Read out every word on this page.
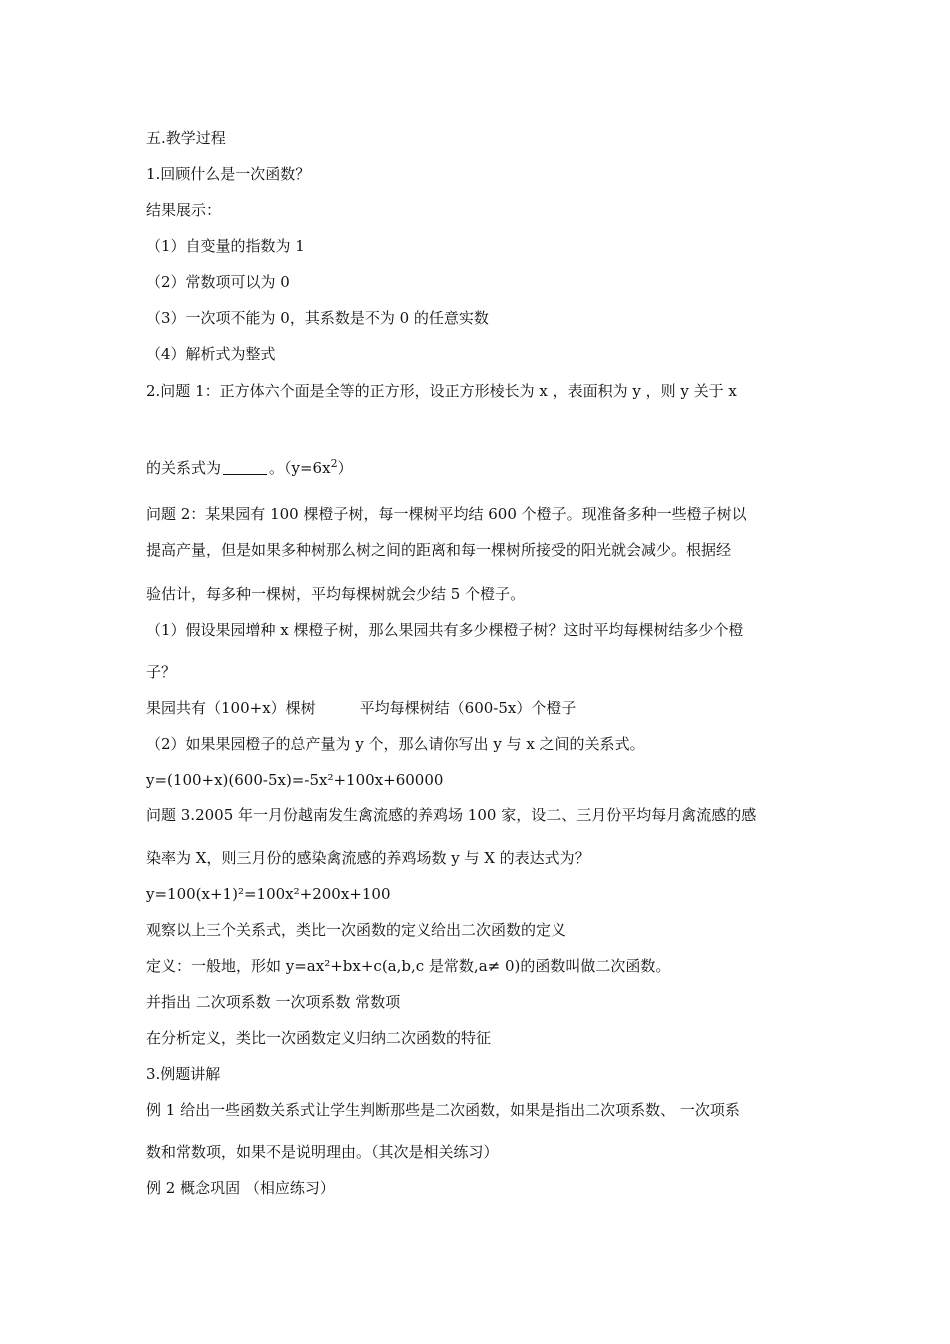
五.教学过程
1.回顾什么是一次函数？
结果展示：
（1）自变量的指数为 1
（2）常数项可以为 0
（3）一次项不能为 0，其系数是不为 0 的任意实数
（4）解析式为整式
2.问题 1：正方体六个面是全等的正方形，设正方形棱长为 x ，表面积为 y ，则 y 关于 x
的关系式为	。$(y=6x^2)$
问题 2：某果园有 100 棵橙子树，每一棵树平均结 600 个橙子。现准备多种一些橙子树以
提高产量，但是如果多种树那么树之间的距离和每一棵树所接受的阳光就会减少。根据经
验估计，每多种一棵树，平均每棵树就会少结 5 个橙子。
（1）假设果园增种 x 棵橙子树，那么果园共有多少棵橙子树？这时平均每棵树结多少个橙
子？
果园共有（100+x）棵树	平均每棵树结（600-5x）个橙子
（2）如果果园橙子的总产量为 y 个，那么请你写出 y 与 x 之间的关系式。
y=(100+x)(600-5x)=-5x²+100x+60000
问题 3.2005 年一月份越南发生禽流感的养鸡场 100 家，设二、三月份平均每月禽流感的感
染率为 X，则三月份的感染禽流感的养鸡场数 y 与 X 的表达式为？
y=100(x+1)²=100x²+200x+100
观察以上三个关系式，类比一次函数的定义给出二次函数的定义
定义：一般地，形如 y=ax²+bx+c(a,b,c 是常数,a≠ 0)的函数叫做二次函数。
并指出 二次项系数 一次项系数 常数项
在分析定义，类比一次函数定义归纳二次函数的特征
3.例题讲解
例 1 给出一些函数关系式让学生判断那些是二次函数，如果是指出二次项系数、 一次项系
数和常数项，如果不是说明理由。（其次是相关练习）
例 2 概念巩固 （相应练习）
